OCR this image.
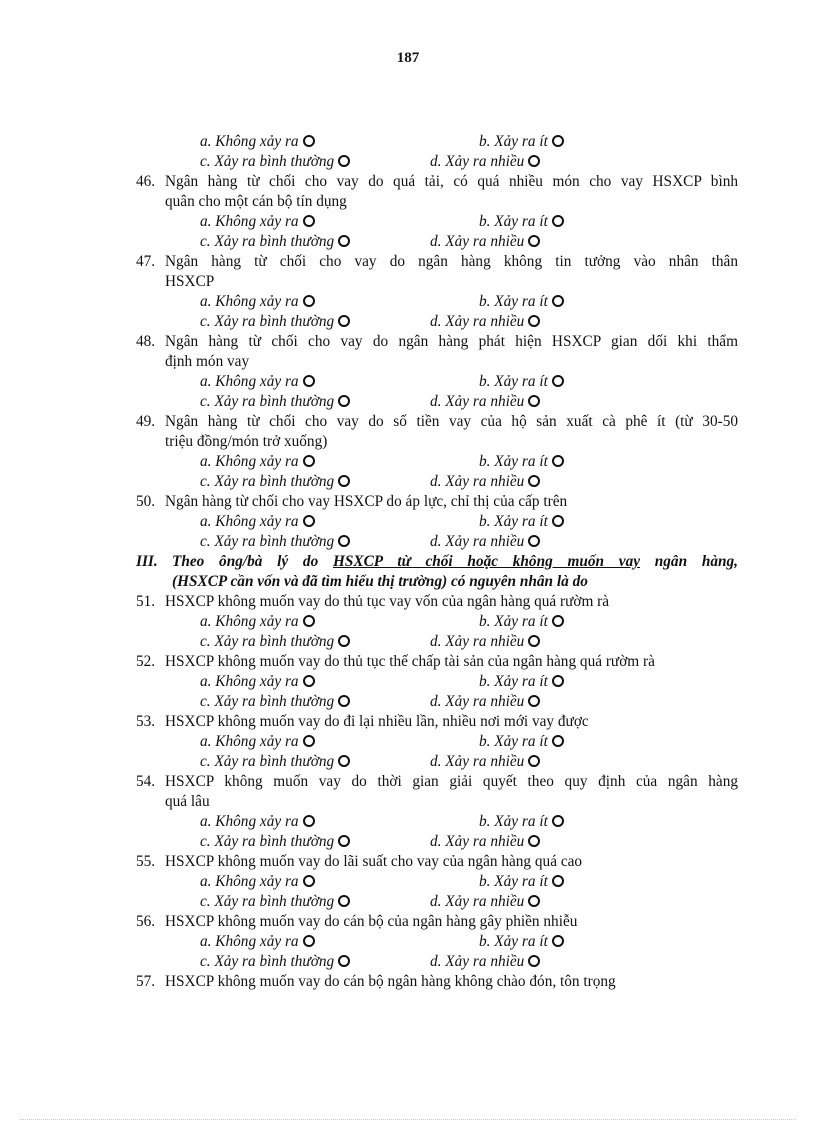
187
a. Không xảy ra	b. Xảy ra ít
c. Xảy ra bình thường	d. Xảy ra nhiều
46. Ngân hàng từ chối cho vay do quá tải, có quá nhiều món cho vay HSXCP bình
quân cho một cán bộ tín dụng
a. Không xảy ra	b. Xảy ra ít
c. Xảy ra bình thường	d. Xảy ra nhiều
47. Ngân hàng từ chối cho vay do ngân hàng không tin tưởng vào nhân thân
HSXCP
a. Không xảy ra	b. Xảy ra ít
c. Xảy ra bình thường	d. Xảy ra nhiều
48. Ngân hàng từ chối cho vay do ngân hàng phát hiện HSXCP gian dối khi thẩm
định món vay
a. Không xảy ra	b. Xảy ra ít
c. Xảy ra bình thường	d. Xảy ra nhiều
49. Ngân hàng từ chối cho vay do số tiền vay của hộ sản xuất cà phê ít (từ 30-50
triệu đồng/món trở xuống)
a. Không xảy ra	b. Xảy ra ít
c. Xảy ra bình thường	d. Xảy ra nhiều
50. Ngân hàng từ chối cho vay HSXCP do áp lực, chỉ thị của cấp trên
a. Không xảy ra	b. Xảy ra ít
c. Xảy ra bình thường	d. Xảy ra nhiều
III. Theo ông/bà lý do HSXCP từ chối hoặc không muốn vay ngân hàng,
(HSXCP cần vốn và đã tìm hiểu thị trường) có nguyên nhân là do
51. HSXCP không muốn vay do thủ tục vay vốn của ngân hàng quá rườm rà
a. Không xảy ra	b. Xảy ra ít
c. Xảy ra bình thường	d. Xảy ra nhiều
52. HSXCP không muốn vay do thủ tục thế chấp tài sản của ngân hàng quá rườm rà
a. Không xảy ra	b. Xảy ra ít
c. Xảy ra bình thường	d. Xảy ra nhiều
53. HSXCP không muốn vay do đi lại nhiều lần, nhiều nơi mới vay được
a. Không xảy ra	b. Xảy ra ít
c. Xảy ra bình thường	d. Xảy ra nhiều
54. HSXCP không muốn vay do thời gian giải quyết theo quy định của ngân hàng
quá lâu
a. Không xảy ra	b. Xảy ra ít
c. Xảy ra bình thường	d. Xảy ra nhiều
55. HSXCP không muốn vay do lãi suất cho vay của ngân hàng quá cao
a. Không xảy ra	b. Xảy ra ít
c. Xảy ra bình thường	d. Xảy ra nhiều
56. HSXCP không muốn vay do cán bộ của ngân hàng gây phiền nhiễu
a. Không xảy ra	b. Xảy ra ít
c. Xảy ra bình thường	d. Xảy ra nhiều
57. HSXCP không muốn vay do cán bộ ngân hàng không chào đón, tôn trọng
